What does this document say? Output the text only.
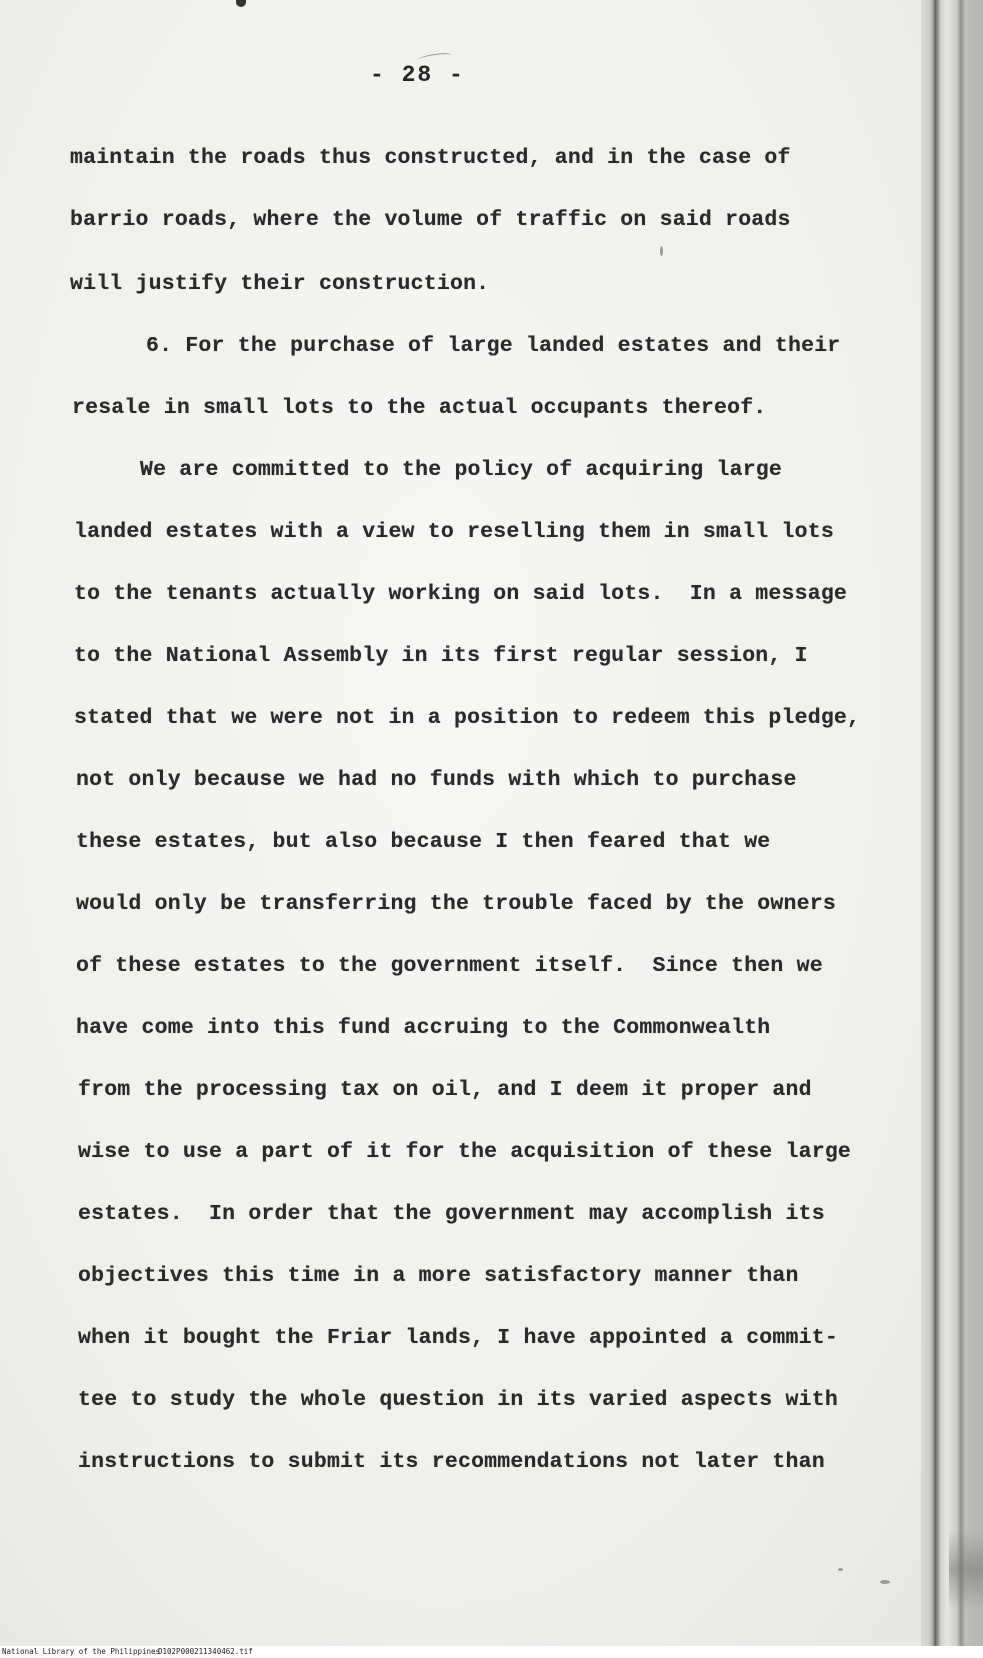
- 28 -
maintain the roads thus constructed, and in the case of
barrio roads, where the volume of traffic on said roads
will justify their construction.
6. For the purchase of large landed estates and their
resale in small lots to the actual occupants thereof.
We are committed to the policy of acquiring large
landed estates with a view to reselling them in small lots
to the tenants actually working on said lots.  In a message
to the National Assembly in its first regular session, I
stated that we were not in a position to redeem this pledge,
not only because we had no funds with which to purchase
these estates, but also because I then feared that we
would only be transferring the trouble faced by the owners
of these estates to the government itself.  Since then we
have come into this fund accruing to the Commonwealth
from the processing tax on oil, and I deem it proper and
wise to use a part of it for the acquisition of these large
estates.  In order that the government may accomplish its
objectives this time in a more satisfactory manner than
when it bought the Friar lands, I have appointed a commit-
tee to study the whole question in its varied aspects with
instructions to submit its recommendations not later than
National Library of the Philippines
D102P000211340462.tif
